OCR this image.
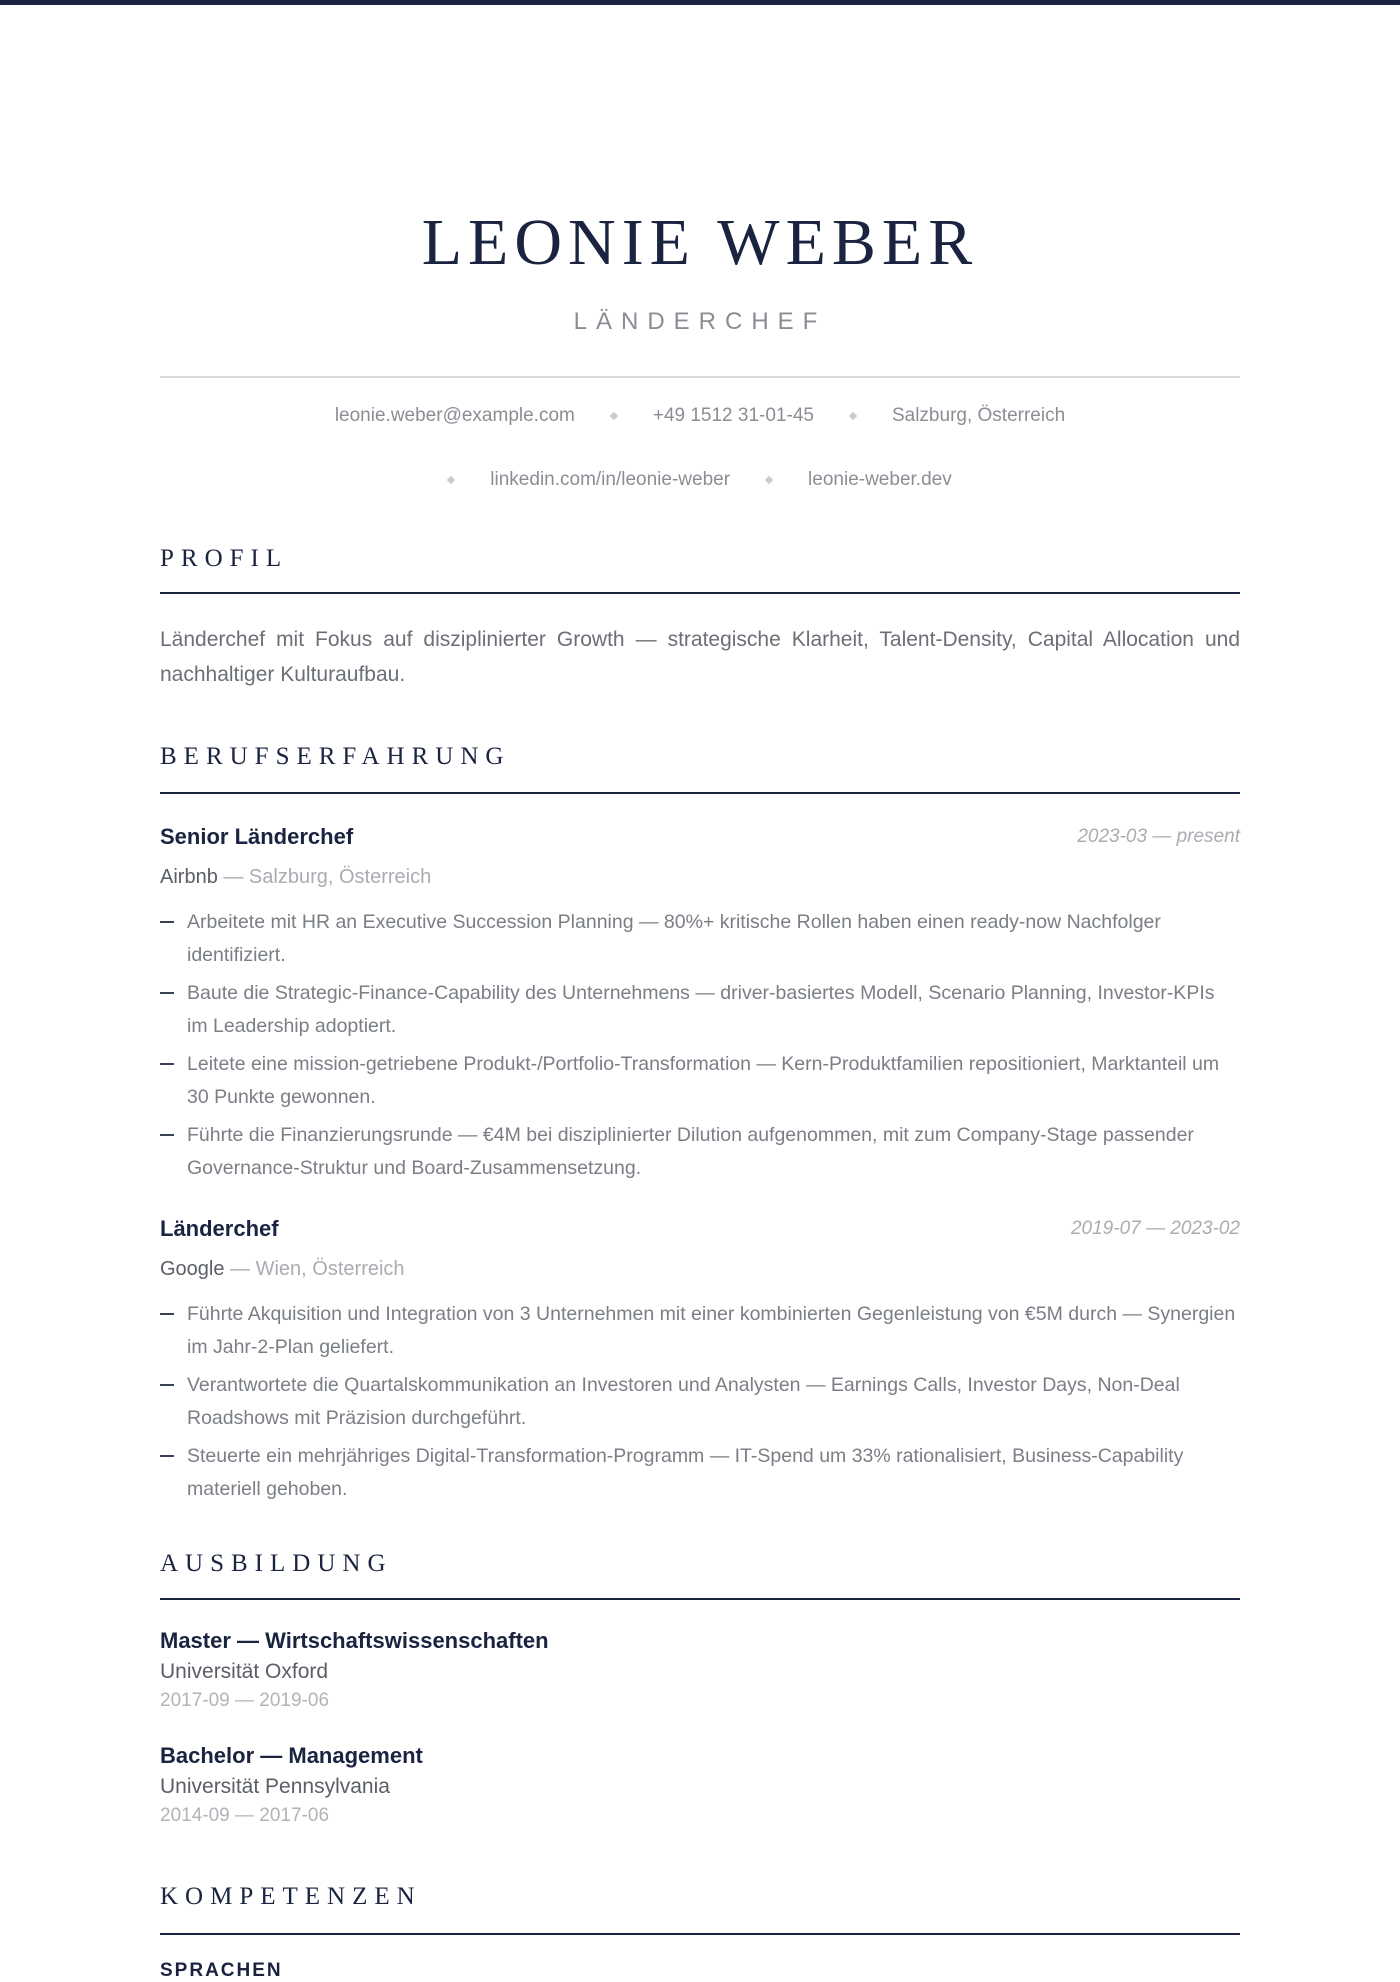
LEONIE WEBER
LÄNDERCHEF
leonie.weber@example.com	+49 1512 31-01-45	Salzburg, Österreich
linkedin.com/in/leonie-weber	leonie-weber.dev
PROFIL

Länderchef mit Fokus auf disziplinierter Growth — strategische Klarheit, Talent-Density, Capital Allocation und nachhaltiger Kulturaufbau.

BERUFSERFAHRUNG
Senior Länderchef	2023-03 — present
Airbnb — Salzburg, Österreich
Arbeitete mit HR an Executive Succession Planning — 80%+ kritische Rollen haben einen ready-now Nachfolger identifiziert.
Baute die Strategic-Finance-Capability des Unternehmens — driver-basiertes Modell, Scenario Planning, Investor-KPIs im Leadership adoptiert.
Leitete eine mission-getriebene Produkt-/Portfolio-Transformation — Kern-Produktfamilien repositioniert, Marktanteil um 30 Punkte gewonnen.
Führte die Finanzierungsrunde — €4M bei disziplinierter Dilution aufgenommen, mit zum Company-Stage passender Governance-Struktur und Board-Zusammensetzung.
Länderchef	2019-07 — 2023-02
Google — Wien, Österreich
Führte Akquisition und Integration von 3 Unternehmen mit einer kombinierten Gegenleistung von €5M durch — Synergien im Jahr-2-Plan geliefert.
Verantwortete die Quartalskommunikation an Investoren und Analysten — Earnings Calls, Investor Days, Non-Deal Roadshows mit Präzision durchgeführt.
Steuerte ein mehrjähriges Digital-Transformation-Programm — IT-Spend um 33% rationalisiert, Business-Capability materiell gehoben.
AUSBILDUNG
Master — Wirtschaftswissenschaften
Universität Oxford
2017-09 — 2019-06
Bachelor — Management
Universität Pennsylvania
2014-09 — 2017-06
KOMPETENZEN
SPRACHEN
